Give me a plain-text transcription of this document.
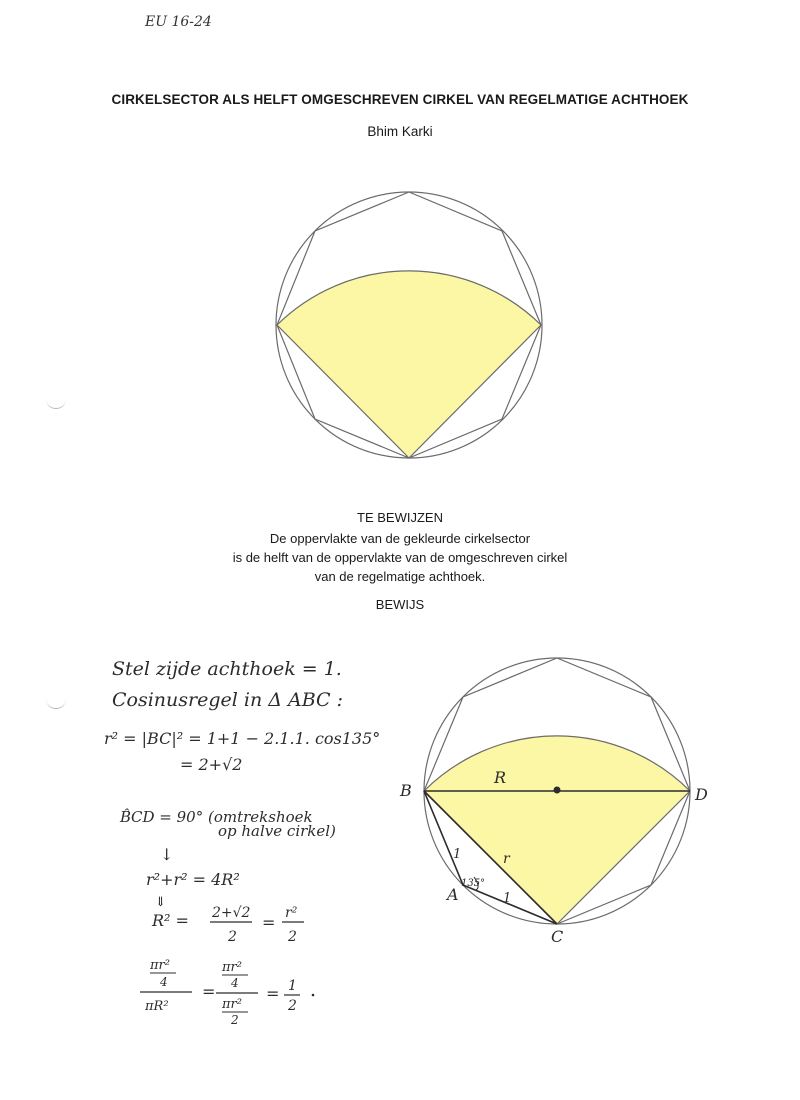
EU 16-24
CIRKELSECTOR ALS HELFT OMGESCHREVEN CIRKEL VAN REGELMATIGE ACHTHOEK
Bhim Karki
TE BEWIJZEN
De oppervlakte van de gekleurde cirkelsector
is de helft van de oppervlakte van de omgeschreven cirkel
van de regelmatige achthoek.
BEWIJS
R
B	D
A
C
1
1
r
135°
Stel zijde achthoek = 1.
Cosinusregel in Δ ABC :
r² = |BC|² = 1+1 − 2.1.1. cos135°
= 2+√2
B̂CD = 90° (omtrekshoek
op halve cirkel)
↓
r²+r² = 4R²
⇓
R² = 2+√2
2
= r²
2
πr²
4
πR²
=
πr²
4
πr²
2
= 1
2
